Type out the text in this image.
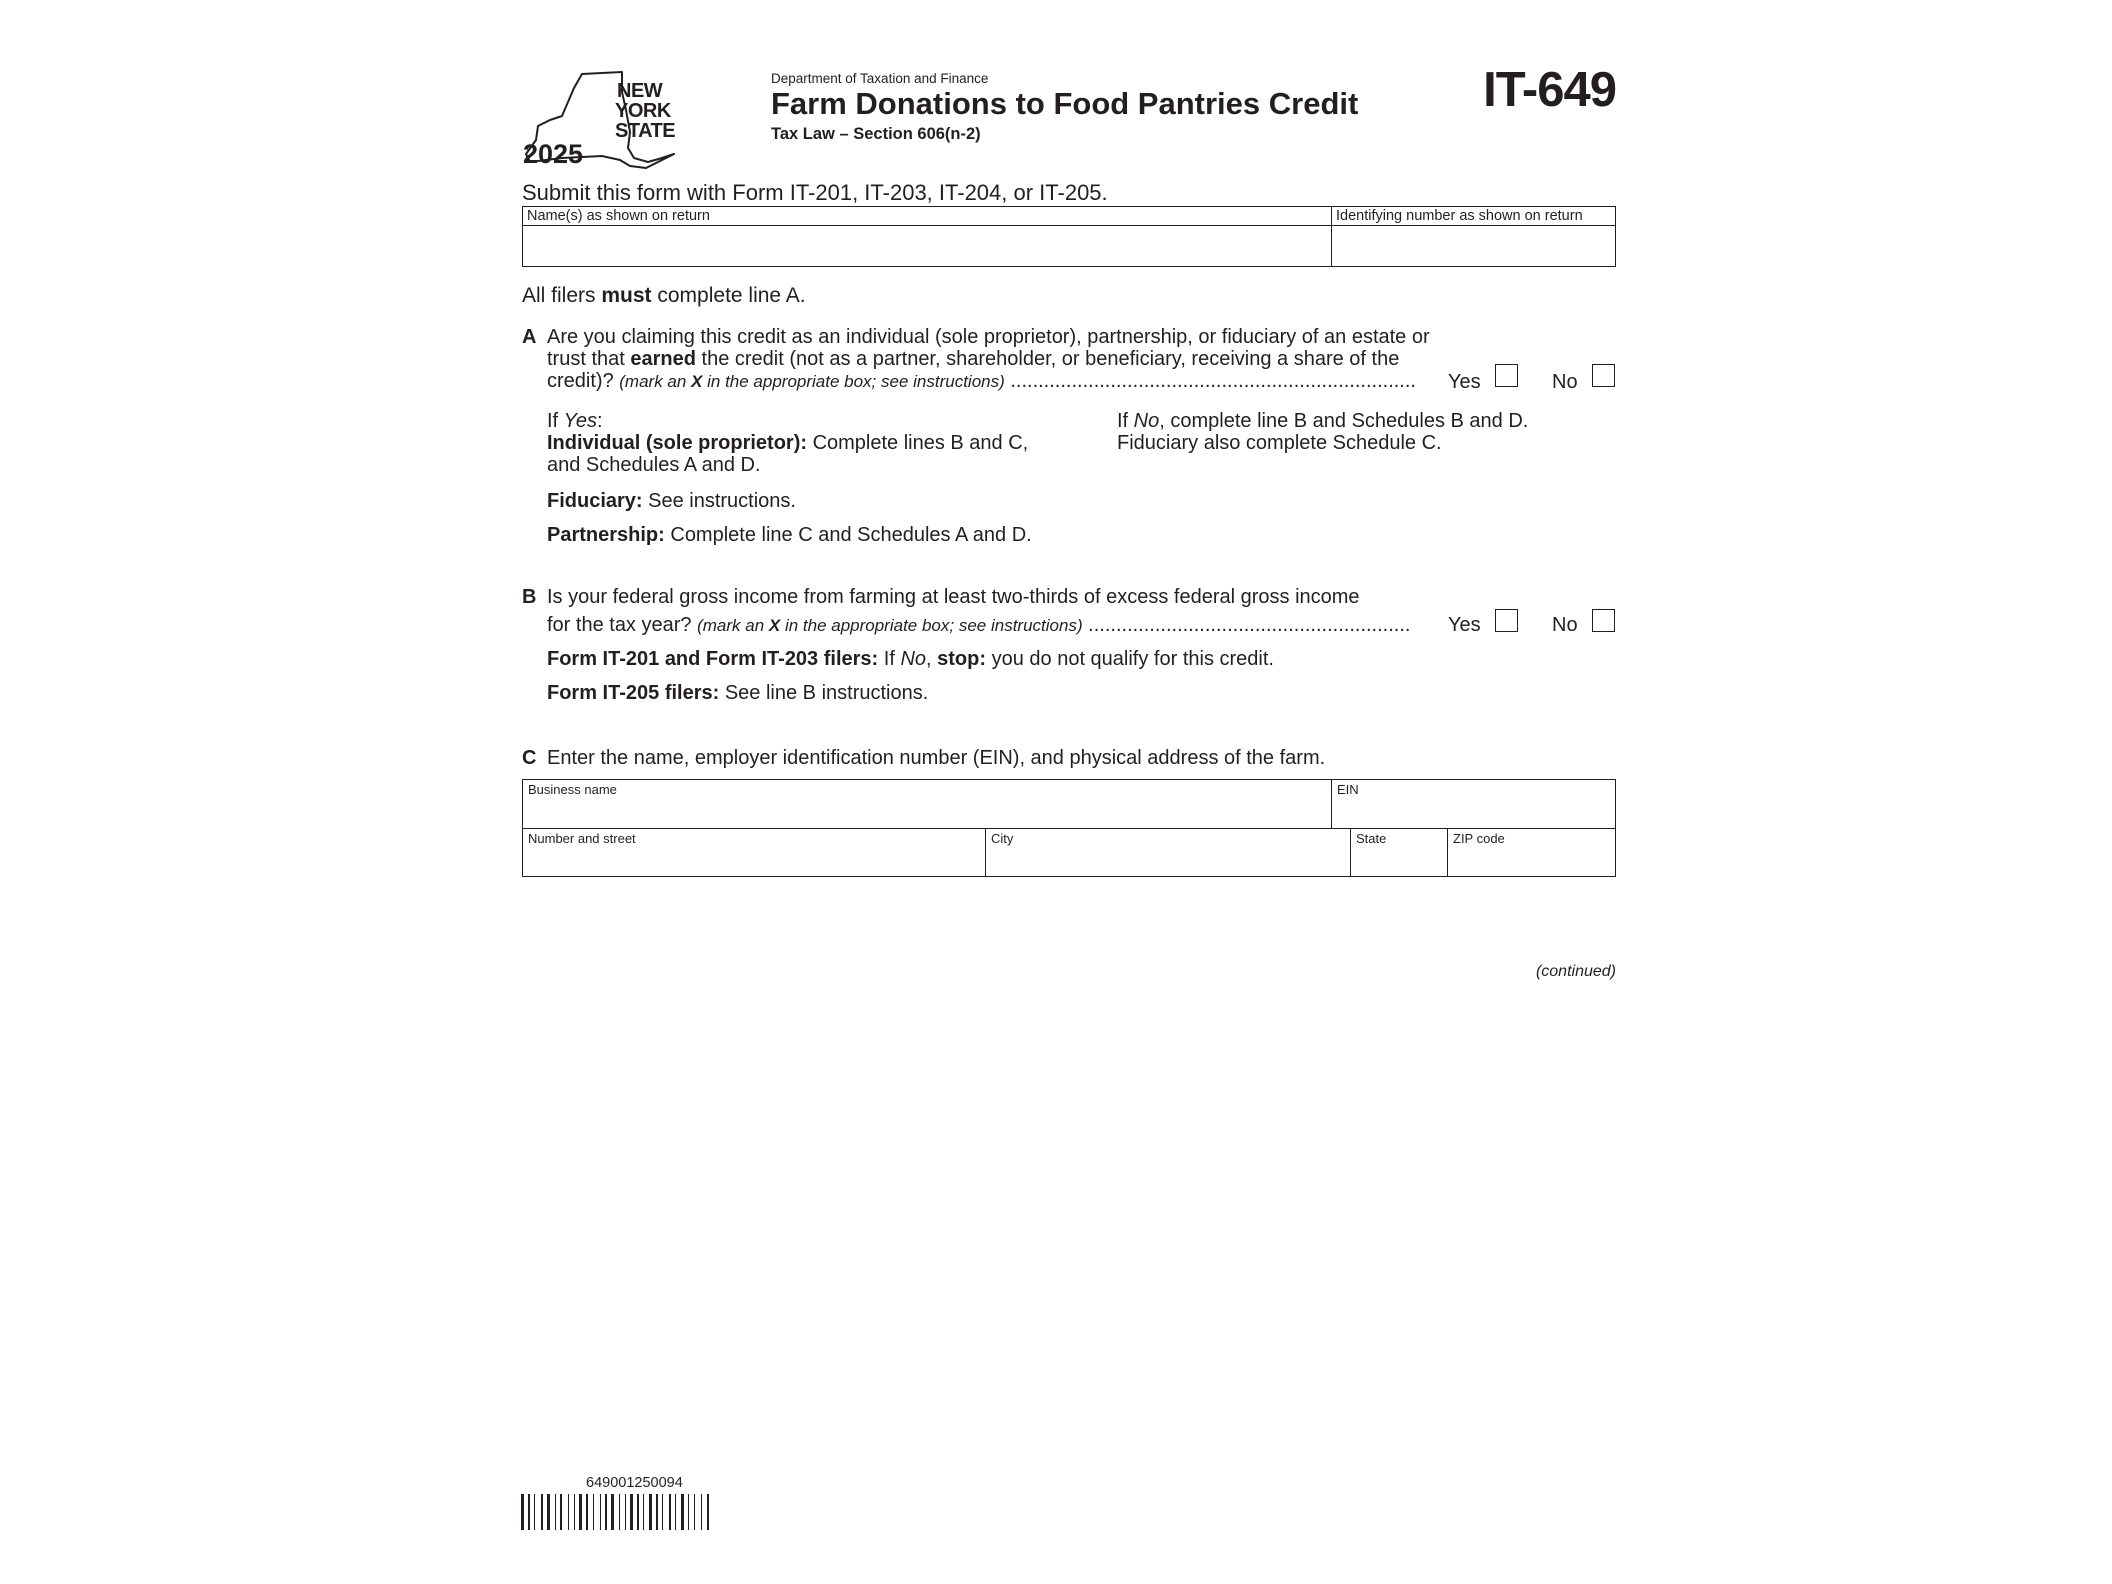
NEW
YORK
STATE
2025
Department of Taxation and Finance
Farm Donations to Food Pantries Credit
Tax Law – Section 606(n-2)
IT-649
Submit this form with Form IT-201, IT-203, IT-204, or IT-205.
Name(s) as shown on return	Identifying number as shown on return
All filers must complete line A.
A Are you claiming this credit as an individual (sole proprietor), partnership, or fiduciary of an estate or
trust that earned the credit (not as a partner, shareholder, or beneficiary, receiving a share of the
credit)? (mark an X in the appropriate box; see instructions) .........................................................................	Yes	No
If Yes:
Individual (sole proprietor): Complete lines B and C,
and Schedules A and D.
Fiduciary: See instructions.
Partnership: Complete line C and Schedules A and D.
If No, complete line B and Schedules B and D.
Fiduciary also complete Schedule C.
B Is your federal gross income from farming at least two-thirds of excess federal gross income
for the tax year? (mark an X in the appropriate box; see instructions) ..........................................................	Yes	No
Form IT-201 and Form IT-203 filers: If No, stop: you do not qualify for this credit.
Form IT-205 filers: See line B instructions.
C Enter the name, employer identification number (EIN), and physical address of the farm.
Business name	EIN
Number and street	City	State	ZIP code
(continued)
649001250094
